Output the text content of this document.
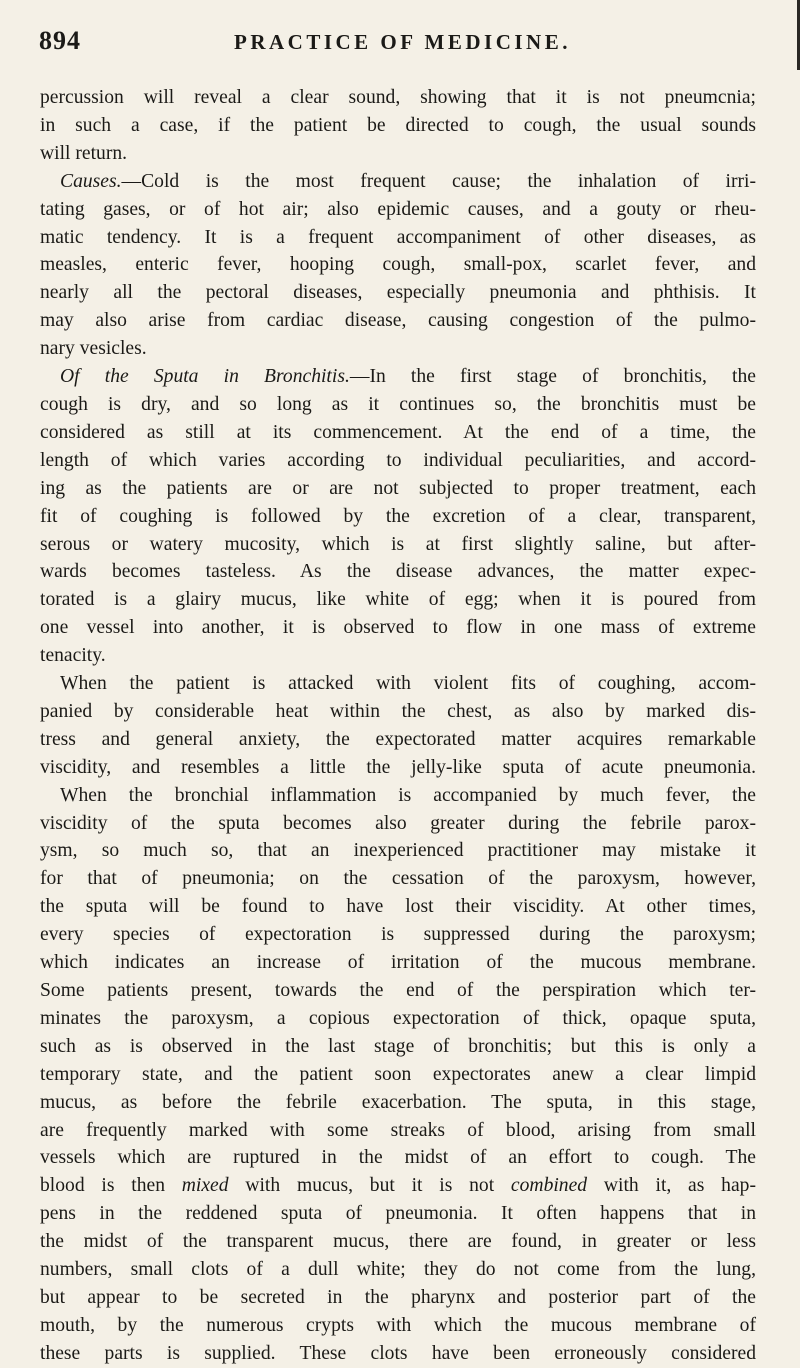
894	PRACTICE OF MEDICINE.

percussion will reveal a clear sound, showing that it is not pneumcnia;
in such a case, if the patient be directed to cough, the usual sounds
will return.

Causes.—Cold is the most frequent cause; the inhalation of irri-
tating gases, or of hot air; also epidemic causes, and a gouty or rheu-
matic tendency. It is a frequent accompaniment of other diseases, as
measles, enteric fever, hooping cough, small-pox, scarlet fever, and
nearly all the pectoral diseases, especially pneumonia and phthisis. It
may also arise from cardiac disease, causing congestion of the pulmo-
nary vesicles.

Of the Sputa in Bronchitis.—In the first stage of bronchitis, the
cough is dry, and so long as it continues so, the bronchitis must be
considered as still at its commencement. At the end of a time, the
length of which varies according to individual peculiarities, and accord-
ing as the patients are or are not subjected to proper treatment, each
fit of coughing is followed by the excretion of a clear, transparent,
serous or watery mucosity, which is at first slightly saline, but after-
wards becomes tasteless. As the disease advances, the matter expec-
torated is a glairy mucus, like white of egg; when it is poured from
one vessel into another, it is observed to flow in one mass of extreme
tenacity.

When the patient is attacked with violent fits of coughing, accom-
panied by considerable heat within the chest, as also by marked dis-
tress and general anxiety, the expectorated matter acquires remarkable
viscidity, and resembles a little the jelly-like sputa of acute pneumonia.
When the bronchial inflammation is accompanied by much fever, the
viscidity of the sputa becomes also greater during the febrile parox-
ysm, so much so, that an inexperienced practitioner may mistake it
for that of pneumonia; on the cessation of the paroxysm, however,
the sputa will be found to have lost their viscidity. At other times,
every species of expectoration is suppressed during the paroxysm;
which indicates an increase of irritation of the mucous membrane.
Some patients present, towards the end of the perspiration which ter-
minates the paroxysm, a copious expectoration of thick, opaque sputa,
such as is observed in the last stage of bronchitis; but this is only a
temporary state, and the patient soon expectorates anew a clear limpid
mucus, as before the febrile exacerbation. The sputa, in this stage,
are frequently marked with some streaks of blood, arising from small
vessels which are ruptured in the midst of an effort to cough. The
blood is then mixed with mucus, but it is not combined with it, as hap-
pens in the reddened sputa of pneumonia. It often happens that in
the midst of the transparent mucus, there are found, in greater or less
numbers, small clots of a dull white; they do not come from the lung,
but appear to be secreted in the pharynx and posterior part of the
mouth, by the numerous crypts with which the mucous membrane of
these parts is supplied. These clots have been erroneously considered
